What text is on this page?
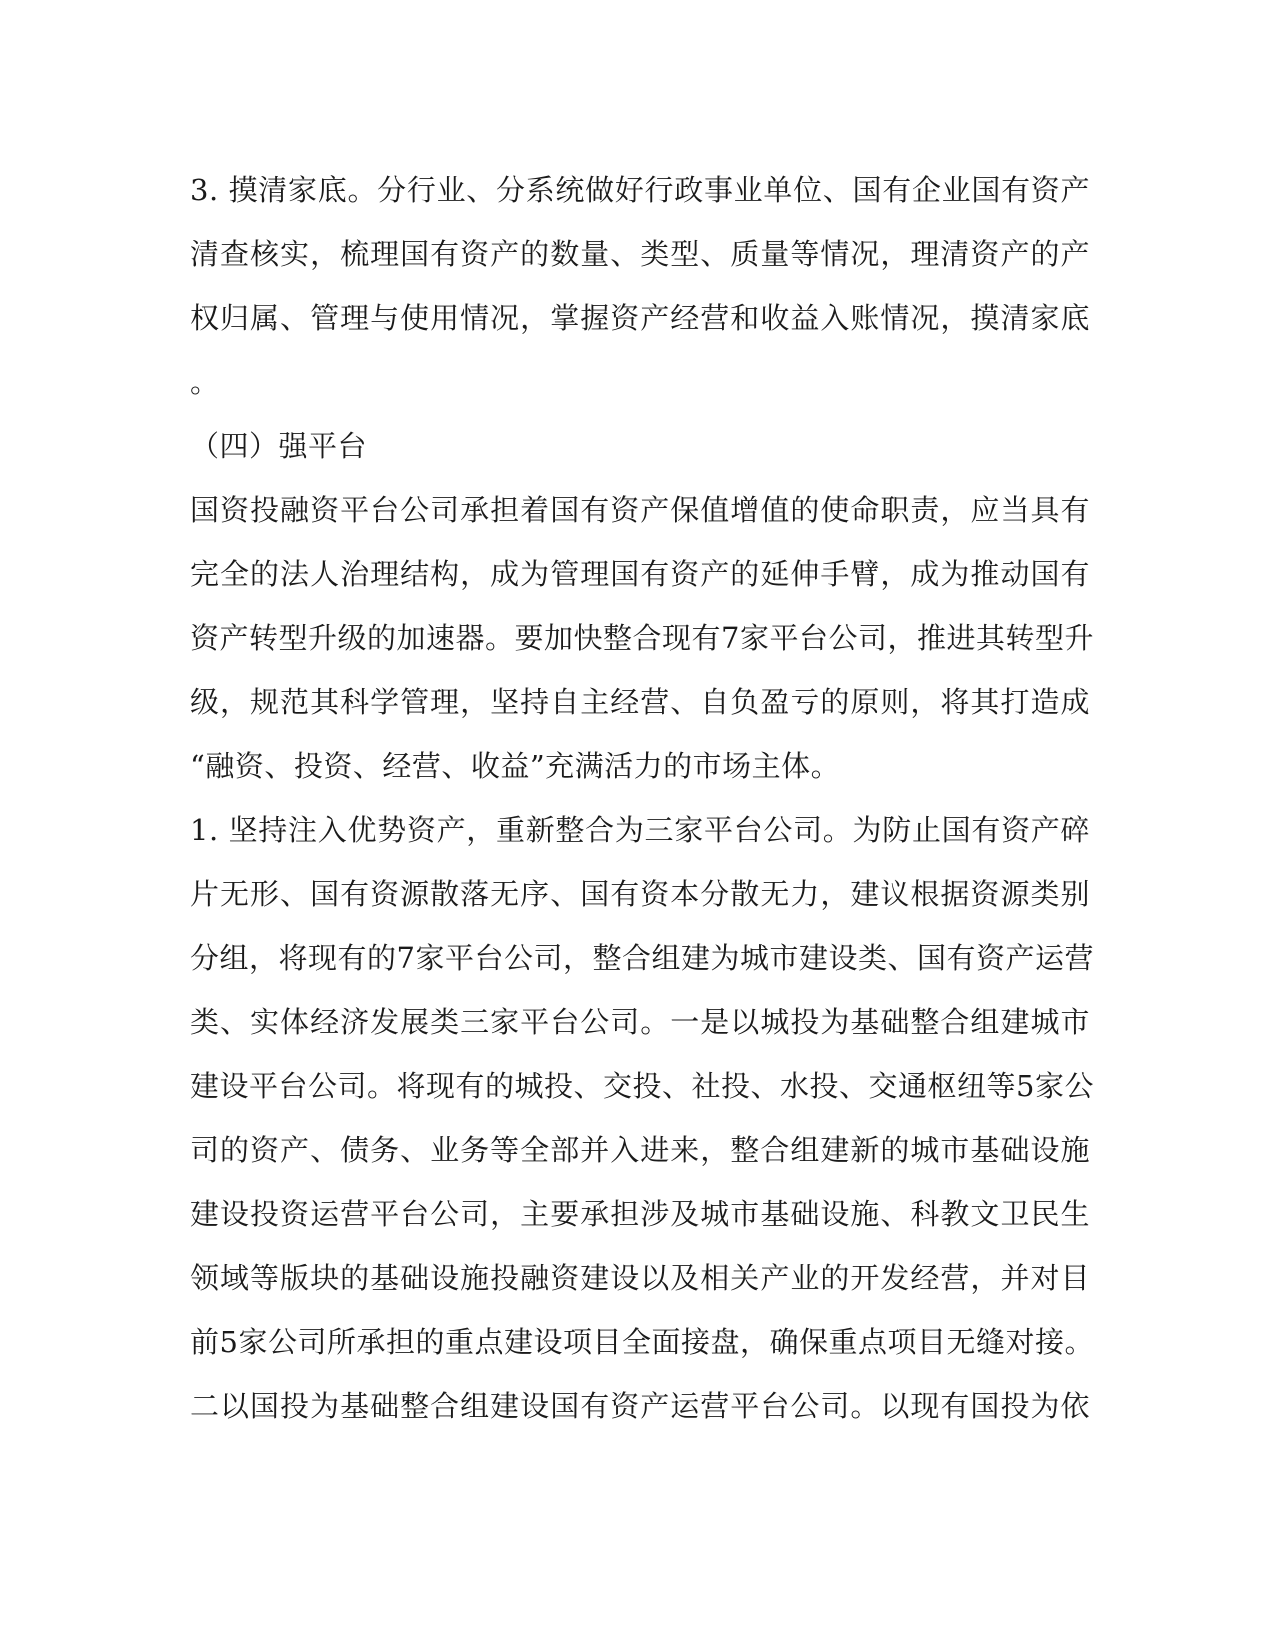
3. 摸清家底。分行业、分系统做好行政事业单位、国有企业国有资产
清查核实，梳理国有资产的数量、类型、质量等情况，理清资产的产
权归属、管理与使用情况，掌握资产经营和收益入账情况，摸清家底
。
（四）强平台
国资投融资平台公司承担着国有资产保值增值的使命职责，应当具有
完全的法人治理结构，成为管理国有资产的延伸手臂，成为推动国有
资产转型升级的加速器。要加快整合现有7家平台公司，推进其转型升
级，规范其科学管理，坚持自主经营、自负盈亏的原则，将其打造成
“融资、投资、经营、收益”充满活力的市场主体。
1. 坚持注入优势资产，重新整合为三家平台公司。为防止国有资产碎
片无形、国有资源散落无序、国有资本分散无力，建议根据资源类别
分组，将现有的7家平台公司，整合组建为城市建设类、国有资产运营
类、实体经济发展类三家平台公司。一是以城投为基础整合组建城市
建设平台公司。将现有的城投、交投、社投、水投、交通枢纽等5家公
司的资产、债务、业务等全部并入进来，整合组建新的城市基础设施
建设投资运营平台公司，主要承担涉及城市基础设施、科教文卫民生
领域等版块的基础设施投融资建设以及相关产业的开发经营，并对目
前5家公司所承担的重点建设项目全面接盘，确保重点项目无缝对接。
二以国投为基础整合组建设国有资产运营平台公司。以现有国投为依
